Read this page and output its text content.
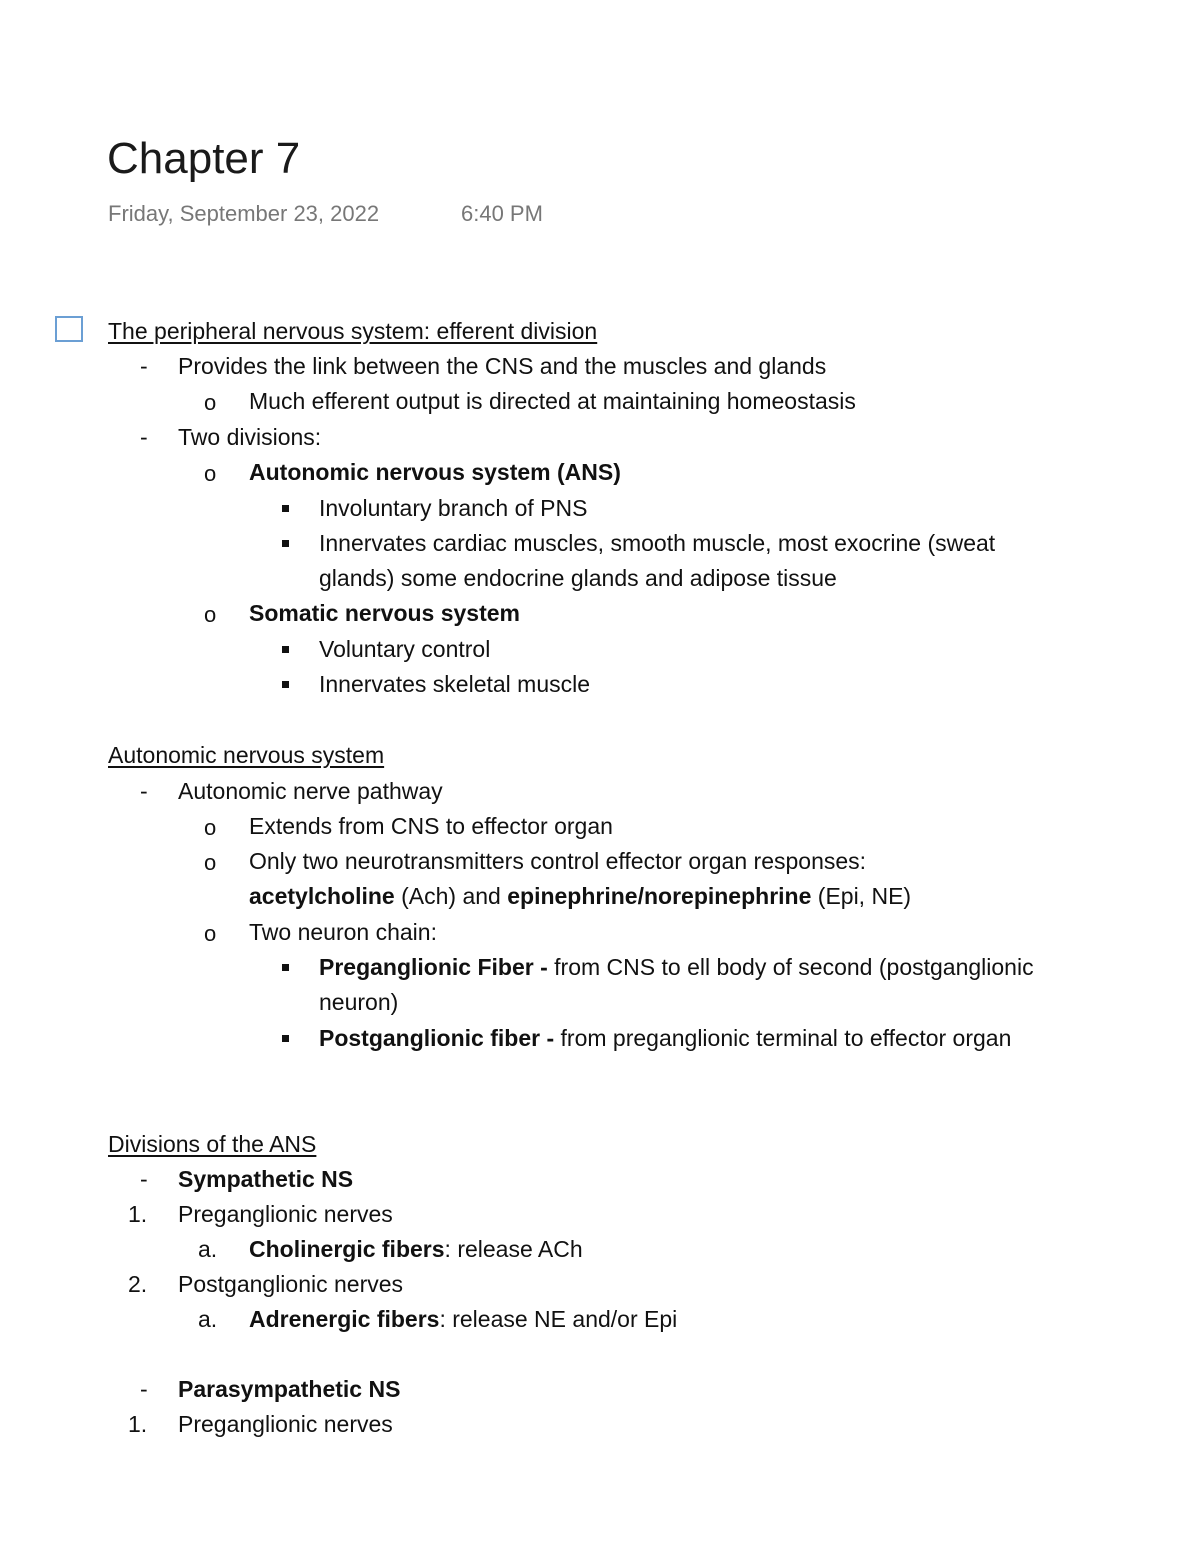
Chapter 7
Friday, September 23, 2022	6:40 PM
The peripheral nervous system: efferent division
- Provides the link between the CNS and the muscles and glands
o Much efferent output is directed at maintaining homeostasis
- Two divisions:
o Autonomic nervous system (ANS)
Involuntary branch of PNS
Innervates cardiac muscles, smooth muscle, most exocrine (sweat
glands) some endocrine glands and adipose tissue
o Somatic nervous system
Voluntary control
Innervates skeletal muscle
Autonomic nervous system
- Autonomic nerve pathway
o Extends from CNS to effector organ
o Only two neurotransmitters control effector organ responses:
acetylcholine (Ach) and epinephrine/norepinephrine (Epi, NE)
o Two neuron chain:
Preganglionic Fiber - from CNS to ell body of second (postganglionic
neuron)
Postganglionic fiber - from preganglionic terminal to effector organ
Divisions of the ANS
- Sympathetic NS
1. Preganglionic nerves
a. Cholinergic fibers: release ACh
2. Postganglionic nerves
a. Adrenergic fibers: release NE and/or Epi
- Parasympathetic NS
1. Preganglionic nerves
